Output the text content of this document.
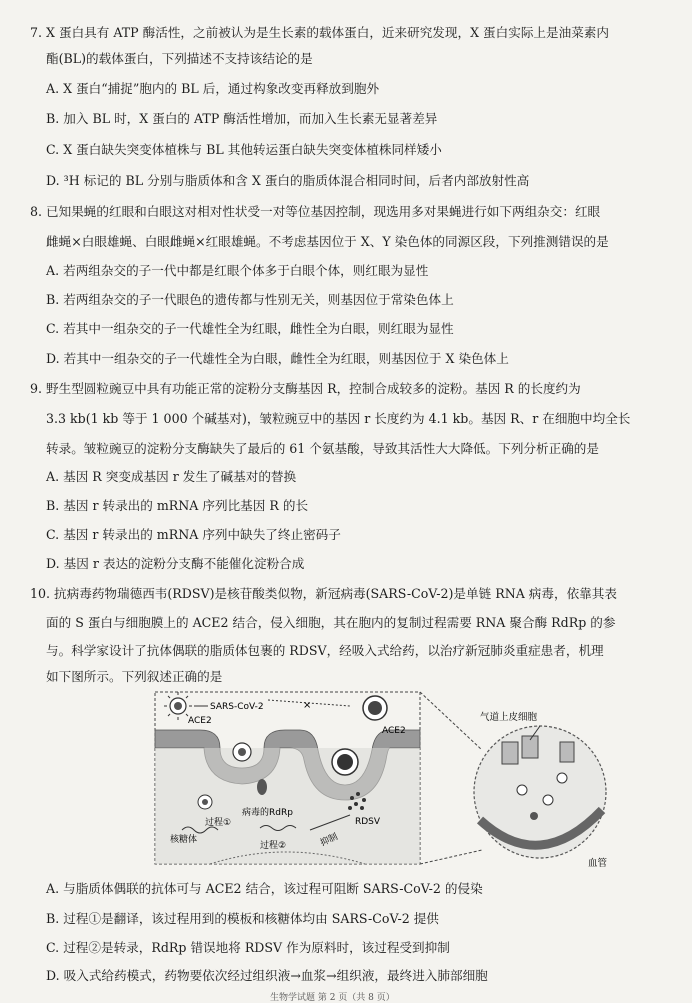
7. X 蛋白具有 ATP 酶活性，之前被认为是生长素的载体蛋白，近来研究发现，X 蛋白实际上是油菜素内
酯(BL)的载体蛋白，下列描述不支持该结论的是
A. X 蛋白“捕捉”胞内的 BL 后，通过构象改变再释放到胞外
B. 加入 BL 时，X 蛋白的 ATP 酶活性增加，而加入生长素无显著差异
C. X 蛋白缺失突变体植株与 BL 其他转运蛋白缺失突变体植株同样矮小
D. ³H 标记的 BL 分别与脂质体和含 X 蛋白的脂质体混合相同时间，后者内部放射性高
8. 已知果蝇的红眼和白眼这对相对性状受一对等位基因控制，现选用多对果蝇进行如下两组杂交：红眼
雌蝇×白眼雄蝇、白眼雌蝇×红眼雄蝇。不考虑基因位于 X、Y 染色体的同源区段，下列推测错误的是
A. 若两组杂交的子一代中都是红眼个体多于白眼个体，则红眼为显性
B. 若两组杂交的子一代眼色的遗传都与性别无关，则基因位于常染色体上
C. 若其中一组杂交的子一代雄性全为红眼，雌性全为白眼，则红眼为显性
D. 若其中一组杂交的子一代雄性全为白眼，雌性全为红眼，则基因位于 X 染色体上
9. 野生型圆粒豌豆中具有功能正常的淀粉分支酶基因 R，控制合成较多的淀粉。基因 R 的长度约为
3.3 kb(1 kb 等于 1 000 个碱基对)，皱粒豌豆中的基因 r 长度约为 4.1 kb。基因 R、r 在细胞中均全长
转录。皱粒豌豆的淀粉分支酶缺失了最后的 61 个氨基酸，导致其活性大大降低。下列分析正确的是
A. 基因 R 突变成基因 r 发生了碱基对的替换
B. 基因 r 转录出的 mRNA 序列比基因 R 的长
C. 基因 r 转录出的 mRNA 序列中缺失了终止密码子
D. 基因 r 表达的淀粉分支酶不能催化淀粉合成
10. 抗病毒药物瑞德西韦(RDSV)是核苷酸类似物，新冠病毒(SARS-CoV-2)是单链 RNA 病毒，依靠其表
面的 S 蛋白与细胞膜上的 ACE2 结合，侵入细胞，其在胞内的复制过程需要 RNA 聚合酶 RdRp 的参
与。科学家设计了抗体偶联的脂质体包裹的 RDSV，经吸入式给药，以治疗新冠肺炎重症患者，机理
如下图所示。下列叙述正确的是
SARS-CoV-2
ACE2
×
ACE2
病毒的RdRp
过程①
核糖体
过程②	抑制
RDSV
气道上皮细胞
血管
A. 与脂质体偶联的抗体可与 ACE2 结合，该过程可阻断 SARS-CoV-2 的侵染
B. 过程①是翻译，该过程用到的模板和核糖体均由 SARS-CoV-2 提供
C. 过程②是转录，RdRp 错误地将 RDSV 作为原料时，该过程受到抑制
D. 吸入式给药模式，药物要依次经过组织液→血浆→组织液，最终进入肺部细胞
生物学试题 第 2 页（共 8 页）
